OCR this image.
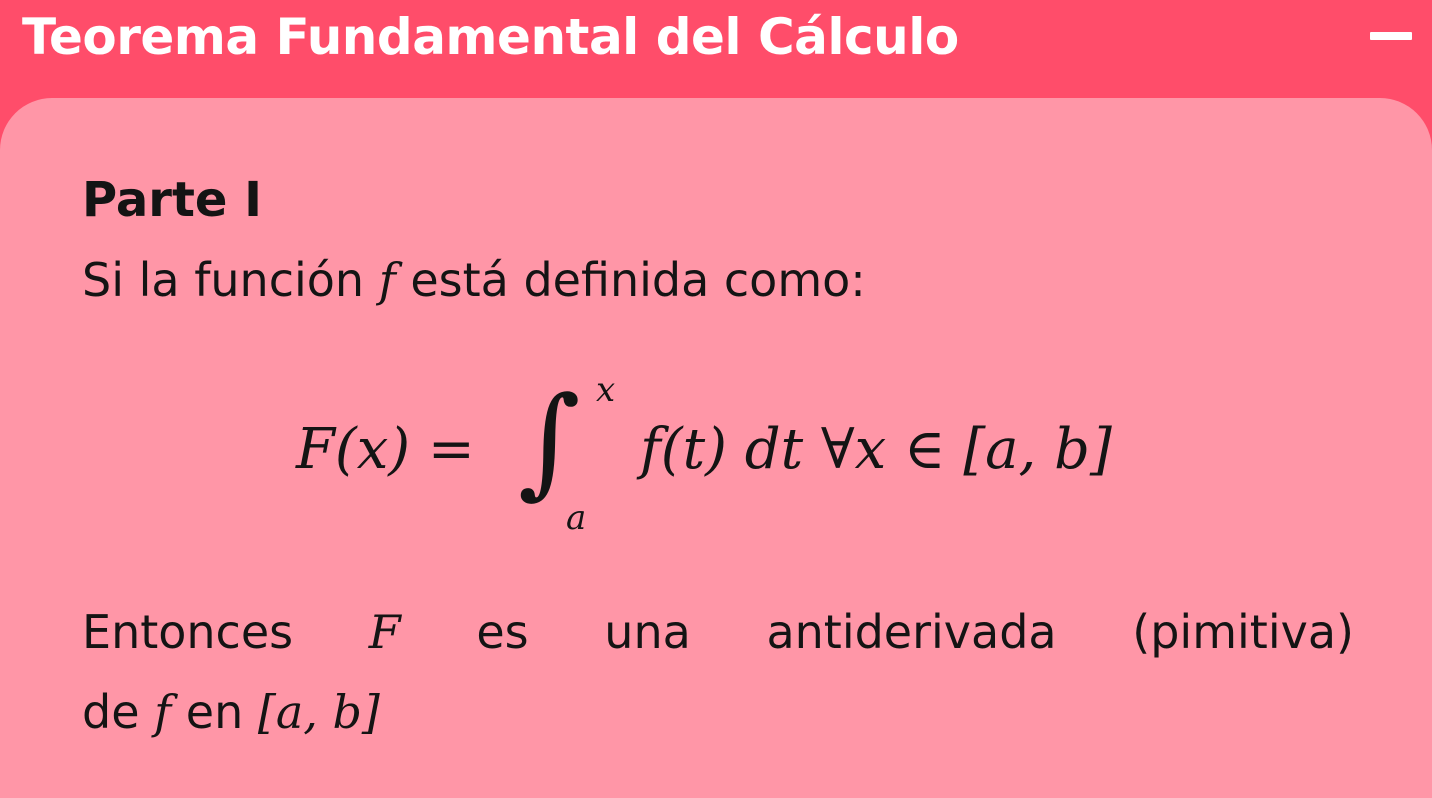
Teorema Fundamental del Cálculo

Parte I

Si la función f está definida como:

F(x) = ∫ x
a
f(t) dt ∀x ∈ [a, b]
Entonces F es una antiderivada (pimitiva)
de f en [a, b]
